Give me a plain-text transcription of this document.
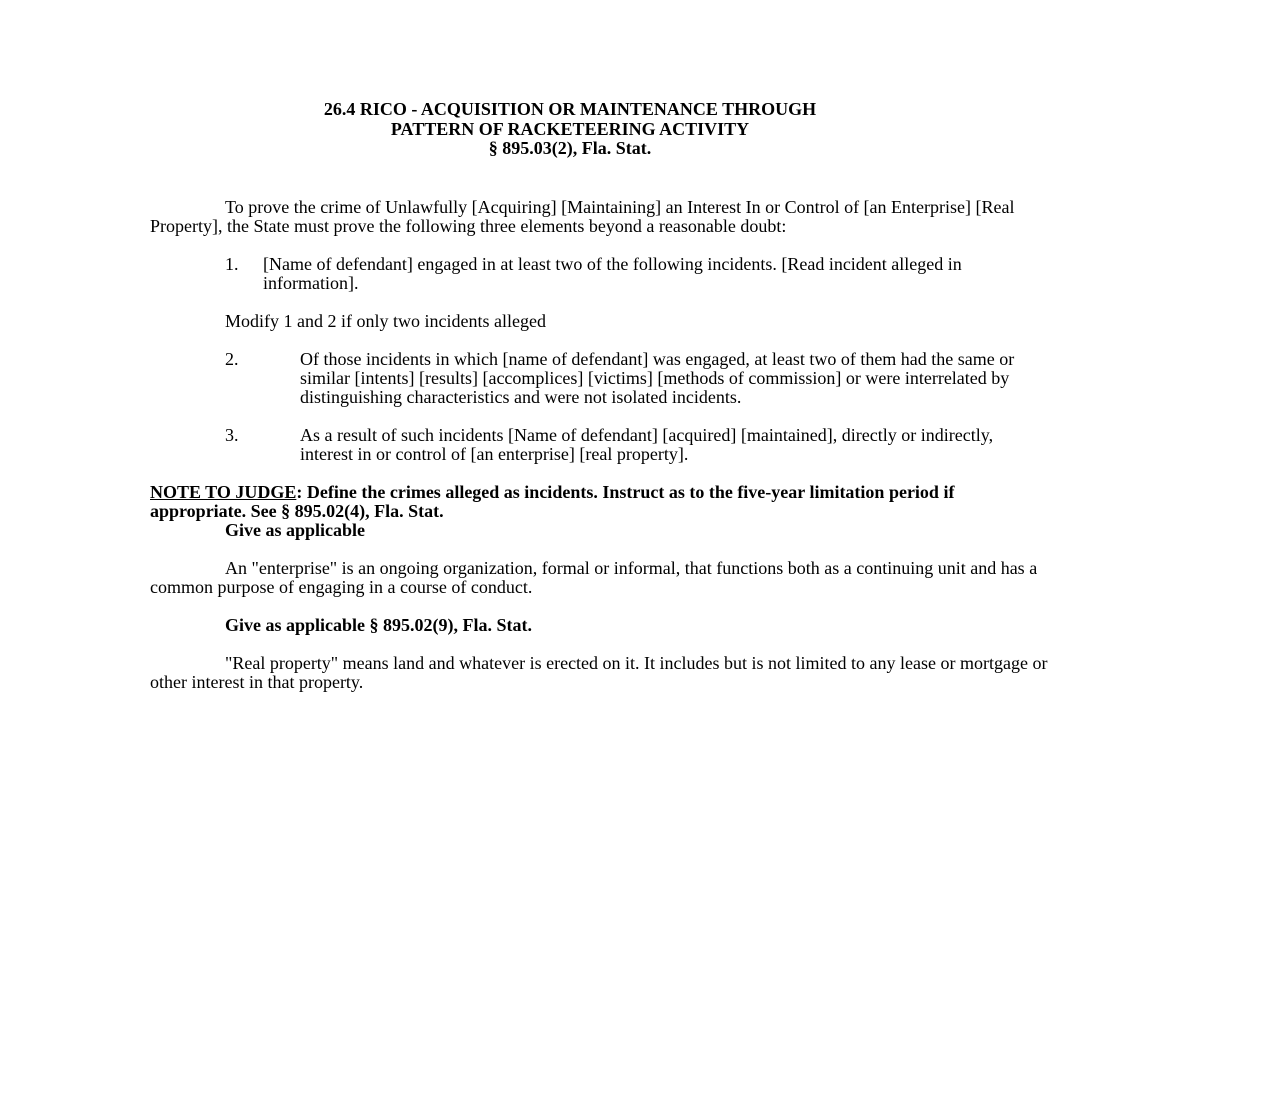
26.4 RICO - ACQUISITION OR MAINTENANCE THROUGH
PATTERN OF RACKETEERING ACTIVITY
§ 895.03(2), Fla. Stat.
To prove the crime of Unlawfully [Acquiring] [Maintaining] an Interest In or Control of [an Enterprise] [Real Property], the State must prove the following three elements beyond a reasonable doubt:
1. [Name of defendant] engaged in at least two of the following incidents. [Read incident alleged in information].
Modify 1 and 2 if only two incidents alleged
2.	Of those incidents in which [name of defendant] was engaged, at least two of them had the same or similar [intents] [results] [accomplices] [victims] [methods of commission] or were interrelated by distinguishing characteristics and were not isolated incidents.
3.	As a result of such incidents [Name of defendant] [acquired] [maintained], directly or indirectly, interest in or control of [an enterprise] [real property].
NOTE TO JUDGE: Define the crimes alleged as incidents. Instruct as to the five-year limitation period if appropriate. See § 895.02(4), Fla. Stat.
Give as applicable
An "enterprise" is an ongoing organization, formal or informal, that functions both as a continuing unit and has a common purpose of engaging in a course of conduct.
Give as applicable § 895.02(9), Fla. Stat.
"Real property" means land and whatever is erected on it. It includes but is not limited to any lease or mortgage or other interest in that property.
